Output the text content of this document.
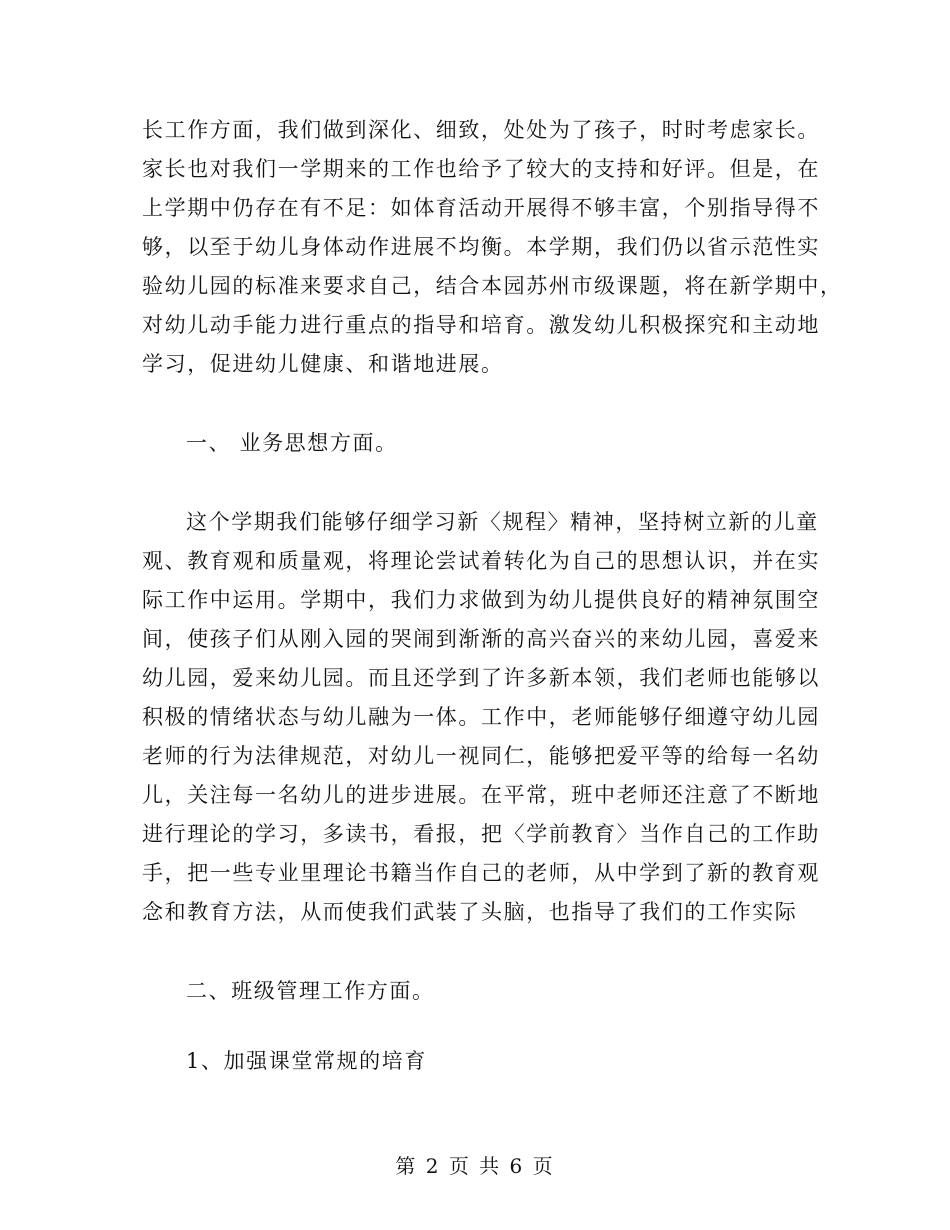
长工作方面，我们做到深化、细致，处处为了孩子，时时考虑家长。
家长也对我们一学期来的工作也给予了较大的支持和好评。但是，在
上学期中仍存在有不足：如体育活动开展得不够丰富，个别指导得不
够，以至于幼儿身体动作进展不均衡。本学期，我们仍以省示范性实
验幼儿园的标准来要求自己，结合本园苏州市级课题，将在新学期中，
对幼儿动手能力进行重点的指导和培育。激发幼儿积极探究和主动地
学习，促进幼儿健康、和谐地进展。
一、 业务思想方面。
这个学期我们能够仔细学习新〈规程〉精神，坚持树立新的儿童
观、教育观和质量观，将理论尝试着转化为自己的思想认识，并在实
际工作中运用。学期中，我们力求做到为幼儿提供良好的精神氛围空
间，使孩子们从刚入园的哭闹到渐渐的高兴奋兴的来幼儿园，喜爱来
幼儿园，爱来幼儿园。而且还学到了许多新本领，我们老师也能够以
积极的情绪状态与幼儿融为一体。工作中，老师能够仔细遵守幼儿园
老师的行为法律规范，对幼儿一视同仁，能够把爱平等的给每一名幼
儿，关注每一名幼儿的进步进展。在平常，班中老师还注意了不断地
进行理论的学习，多读书，看报，把〈学前教育〉当作自己的工作助
手，把一些专业里理论书籍当作自己的老师，从中学到了新的教育观
念和教育方法，从而使我们武装了头脑，也指导了我们的工作实际
二、班级管理工作方面。
1、加强课堂常规的培育
第 2 页 共 6 页
